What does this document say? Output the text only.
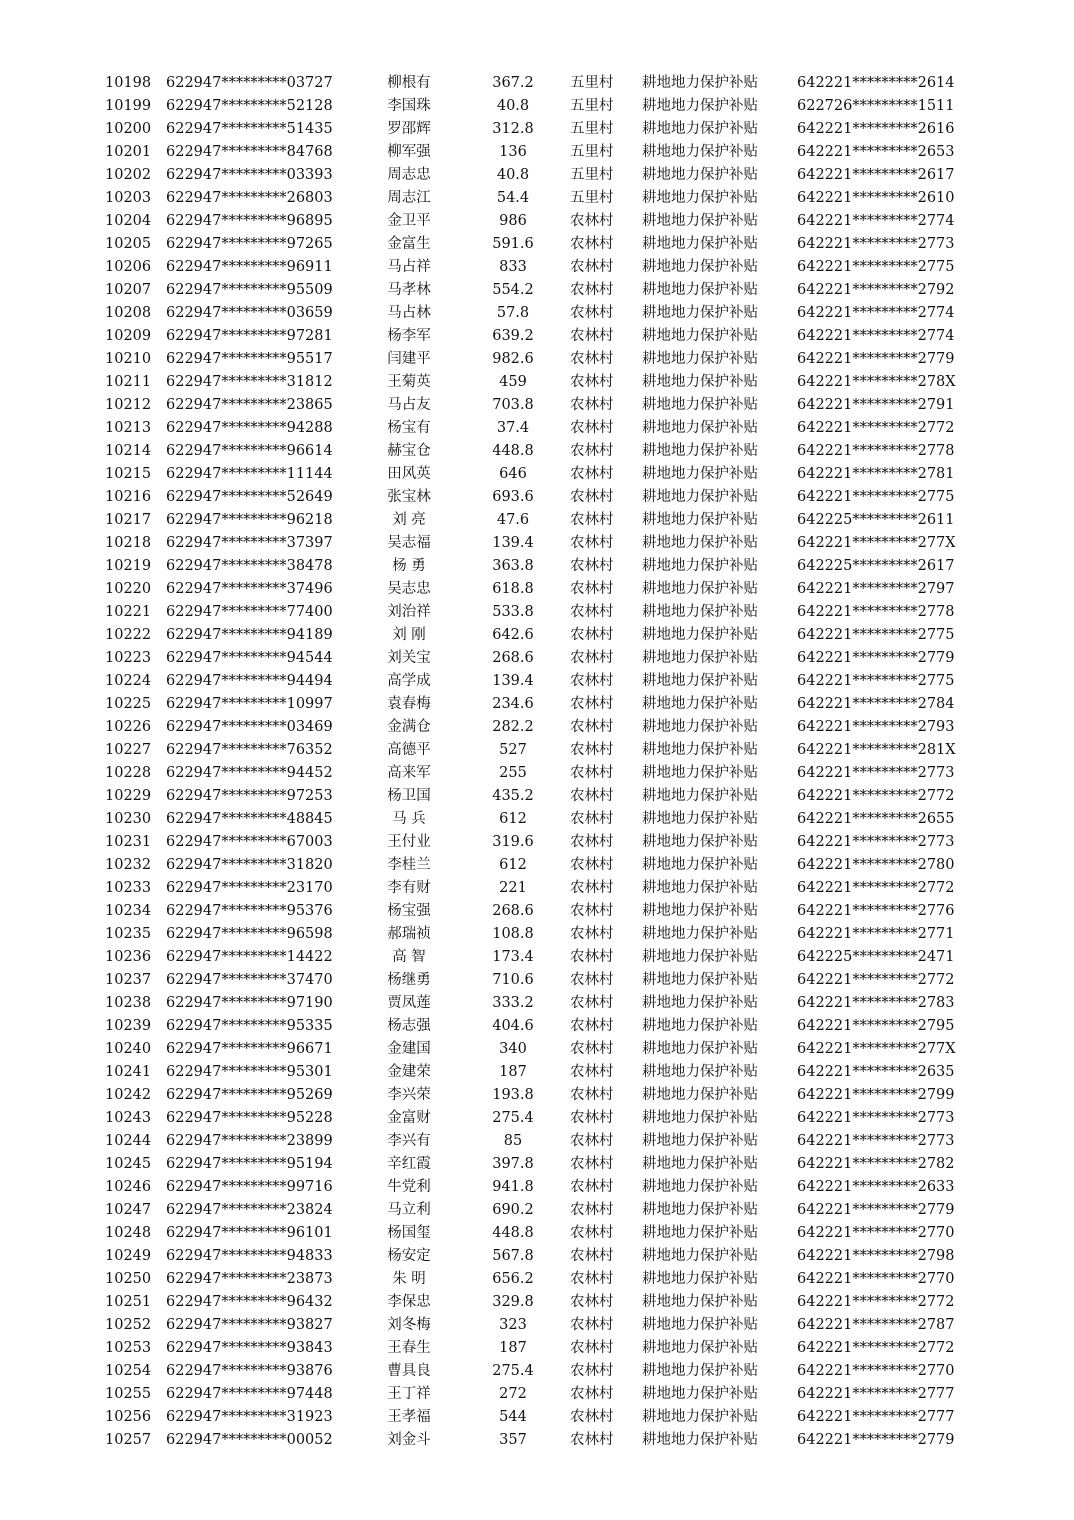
10198 622947*********03727	柳根有	367.2	五里村	耕地地力保护补贴	642221*********2614
10199 622947*********52128	李国珠	40.8	五里村	耕地地力保护补贴	622726*********1511
10200 622947*********51435	罗邵辉	312.8	五里村	耕地地力保护补贴	642221*********2616
10201 622947*********84768	柳军强	136	五里村	耕地地力保护补贴	642221*********2653
10202 622947*********03393	周志忠	40.8	五里村	耕地地力保护补贴	642221*********2617
10203 622947*********26803	周志江	54.4	五里村	耕地地力保护补贴	642221*********2610
10204 622947*********96895	金卫平	986	农林村	耕地地力保护补贴	642221*********2774
10205 622947*********97265	金富生	591.6	农林村	耕地地力保护补贴	642221*********2773
10206 622947*********96911	马占祥	833	农林村	耕地地力保护补贴	642221*********2775
10207 622947*********95509	马孝林	554.2	农林村	耕地地力保护补贴	642221*********2792
10208 622947*********03659	马占林	57.8	农林村	耕地地力保护补贴	642221*********2774
10209 622947*********97281	杨李军	639.2	农林村	耕地地力保护补贴	642221*********2774
10210 622947*********95517	闫建平	982.6	农林村	耕地地力保护补贴	642221*********2779
10211 622947*********31812	王菊英	459	农林村	耕地地力保护补贴	642221*********278X
10212 622947*********23865	马占友	703.8	农林村	耕地地力保护补贴	642221*********2791
10213 622947*********94288	杨宝有	37.4	农林村	耕地地力保护补贴	642221*********2772
10214 622947*********96614	赫宝仓	448.8	农林村	耕地地力保护补贴	642221*********2778
10215 622947*********11144	田风英	646	农林村	耕地地力保护补贴	642221*********2781
10216 622947*********52649	张宝林	693.6	农林村	耕地地力保护补贴	642221*********2775
10217 622947*********96218	刘 亮	47.6	农林村	耕地地力保护补贴	642225*********2611
10218 622947*********37397	吴志福	139.4	农林村	耕地地力保护补贴	642221*********277X
10219 622947*********38478	杨 勇	363.8	农林村	耕地地力保护补贴	642225*********2617
10220 622947*********37496	吴志忠	618.8	农林村	耕地地力保护补贴	642221*********2797
10221 622947*********77400	刘治祥	533.8	农林村	耕地地力保护补贴	642221*********2778
10222 622947*********94189	刘 刚	642.6	农林村	耕地地力保护补贴	642221*********2775
10223 622947*********94544	刘关宝	268.6	农林村	耕地地力保护补贴	642221*********2779
10224 622947*********94494	高学成	139.4	农林村	耕地地力保护补贴	642221*********2775
10225 622947*********10997	袁春梅	234.6	农林村	耕地地力保护补贴	642221*********2784
10226 622947*********03469	金满仓	282.2	农林村	耕地地力保护补贴	642221*********2793
10227 622947*********76352	高德平	527	农林村	耕地地力保护补贴	642221*********281X
10228 622947*********94452	高来军	255	农林村	耕地地力保护补贴	642221*********2773
10229 622947*********97253	杨卫国	435.2	农林村	耕地地力保护补贴	642221*********2772
10230 622947*********48845	马 兵	612	农林村	耕地地力保护补贴	642221*********2655
10231 622947*********67003	王付业	319.6	农林村	耕地地力保护补贴	642221*********2773
10232 622947*********31820	李桂兰	612	农林村	耕地地力保护补贴	642221*********2780
10233 622947*********23170	李有财	221	农林村	耕地地力保护补贴	642221*********2772
10234 622947*********95376	杨宝强	268.6	农林村	耕地地力保护补贴	642221*********2776
10235 622947*********96598	郝瑞祯	108.8	农林村	耕地地力保护补贴	642221*********2771
10236 622947*********14422	高 智	173.4	农林村	耕地地力保护补贴	642225*********2471
10237 622947*********37470	杨继勇	710.6	农林村	耕地地力保护补贴	642221*********2772
10238 622947*********97190	贾凤莲	333.2	农林村	耕地地力保护补贴	642221*********2783
10239 622947*********95335	杨志强	404.6	农林村	耕地地力保护补贴	642221*********2795
10240 622947*********96671	金建国	340	农林村	耕地地力保护补贴	642221*********277X
10241 622947*********95301	金建荣	187	农林村	耕地地力保护补贴	642221*********2635
10242 622947*********95269	李兴荣	193.8	农林村	耕地地力保护补贴	642221*********2799
10243 622947*********95228	金富财	275.4	农林村	耕地地力保护补贴	642221*********2773
10244 622947*********23899	李兴有	85	农林村	耕地地力保护补贴	642221*********2773
10245 622947*********95194	辛红霞	397.8	农林村	耕地地力保护补贴	642221*********2782
10246 622947*********99716	牛党利	941.8	农林村	耕地地力保护补贴	642221*********2633
10247 622947*********23824	马立利	690.2	农林村	耕地地力保护补贴	642221*********2779
10248 622947*********96101	杨国玺	448.8	农林村	耕地地力保护补贴	642221*********2770
10249 622947*********94833	杨安定	567.8	农林村	耕地地力保护补贴	642221*********2798
10250 622947*********23873	朱 明	656.2	农林村	耕地地力保护补贴	642221*********2770
10251 622947*********96432	李保忠	329.8	农林村	耕地地力保护补贴	642221*********2772
10252 622947*********93827	刘冬梅	323	农林村	耕地地力保护补贴	642221*********2787
10253 622947*********93843	王春生	187	农林村	耕地地力保护补贴	642221*********2772
10254 622947*********93876	曹具良	275.4	农林村	耕地地力保护补贴	642221*********2770
10255 622947*********97448	王丁祥	272	农林村	耕地地力保护补贴	642221*********2777
10256 622947*********31923	王孝福	544	农林村	耕地地力保护补贴	642221*********2777
10257 622947*********00052	刘金斗	357	农林村	耕地地力保护补贴	642221*********2779
